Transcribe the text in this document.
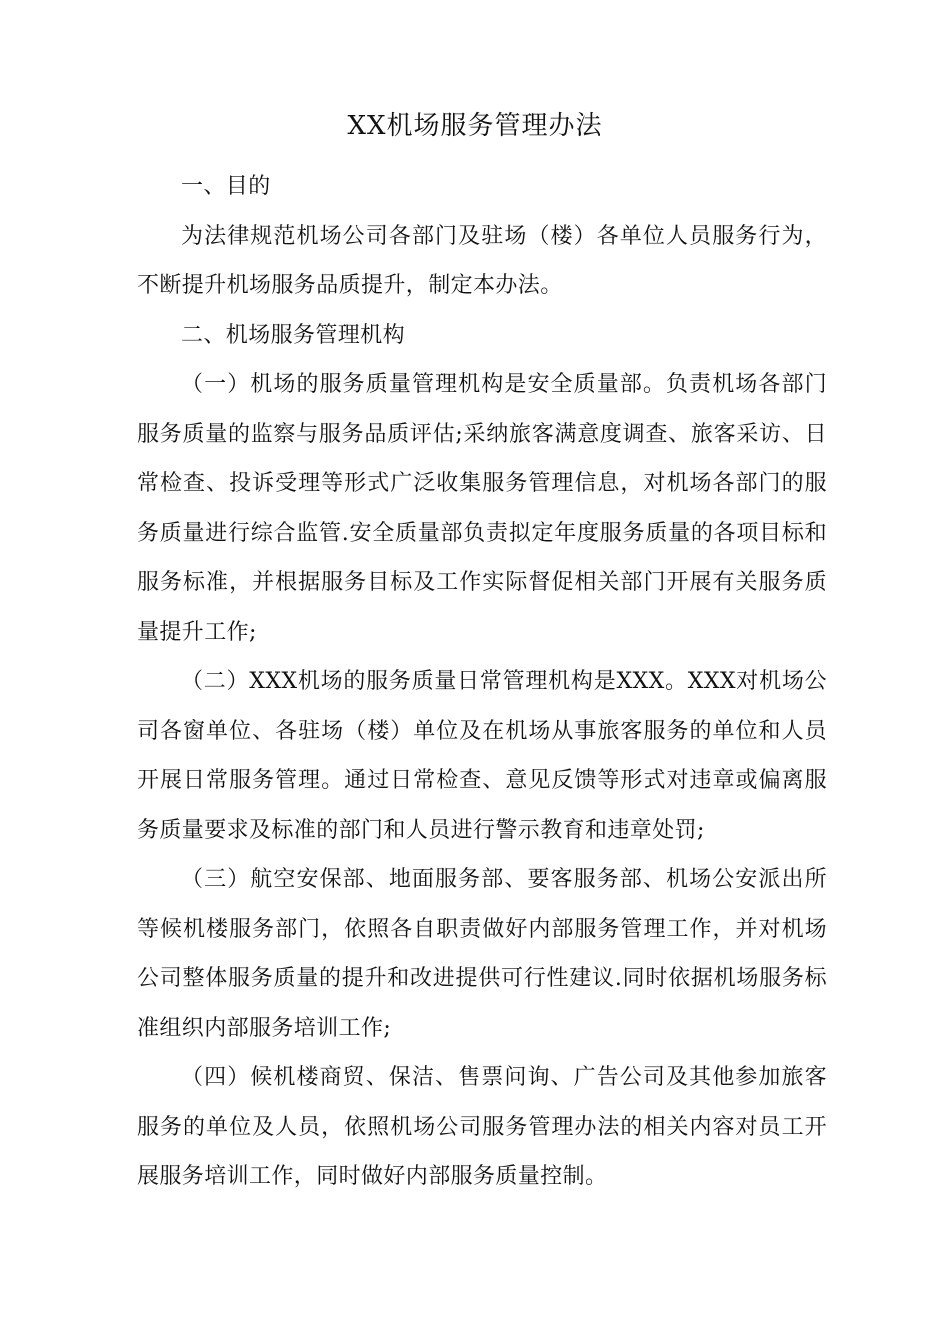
XX机场服务管理办法

一、目的

为法律规范机场公司各部门及驻场（楼）各单位人员服务行为，不断提升机场服务品质提升，制定本办法。

二、机场服务管理机构

（一）机场的服务质量管理机构是安全质量部。负责机场各部门服务质量的监察与服务品质评估;采纳旅客满意度调查、旅客采访、日常检查、投诉受理等形式广泛收集服务管理信息，对机场各部门的服务质量进行综合监管.安全质量部负责拟定年度服务质量的各项目标和服务标准，并根据服务目标及工作实际督促相关部门开展有关服务质量提升工作;

（二）XXX机场的服务质量日常管理机构是XXX。XXX对机场公司各窗单位、各驻场（楼）单位及在机场从事旅客服务的单位和人员开展日常服务管理。通过日常检查、意见反馈等形式对违章或偏离服务质量要求及标准的部门和人员进行警示教育和违章处罚;

（三）航空安保部、地面服务部、要客服务部、机场公安派出所等候机楼服务部门，依照各自职责做好内部服务管理工作，并对机场公司整体服务质量的提升和改进提供可行性建议.同时依据机场服务标准组织内部服务培训工作;

（四）候机楼商贸、保洁、售票问询、广告公司及其他参加旅客服务的单位及人员，依照机场公司服务管理办法的相关内容对员工开展服务培训工作，同时做好内部服务质量控制。
